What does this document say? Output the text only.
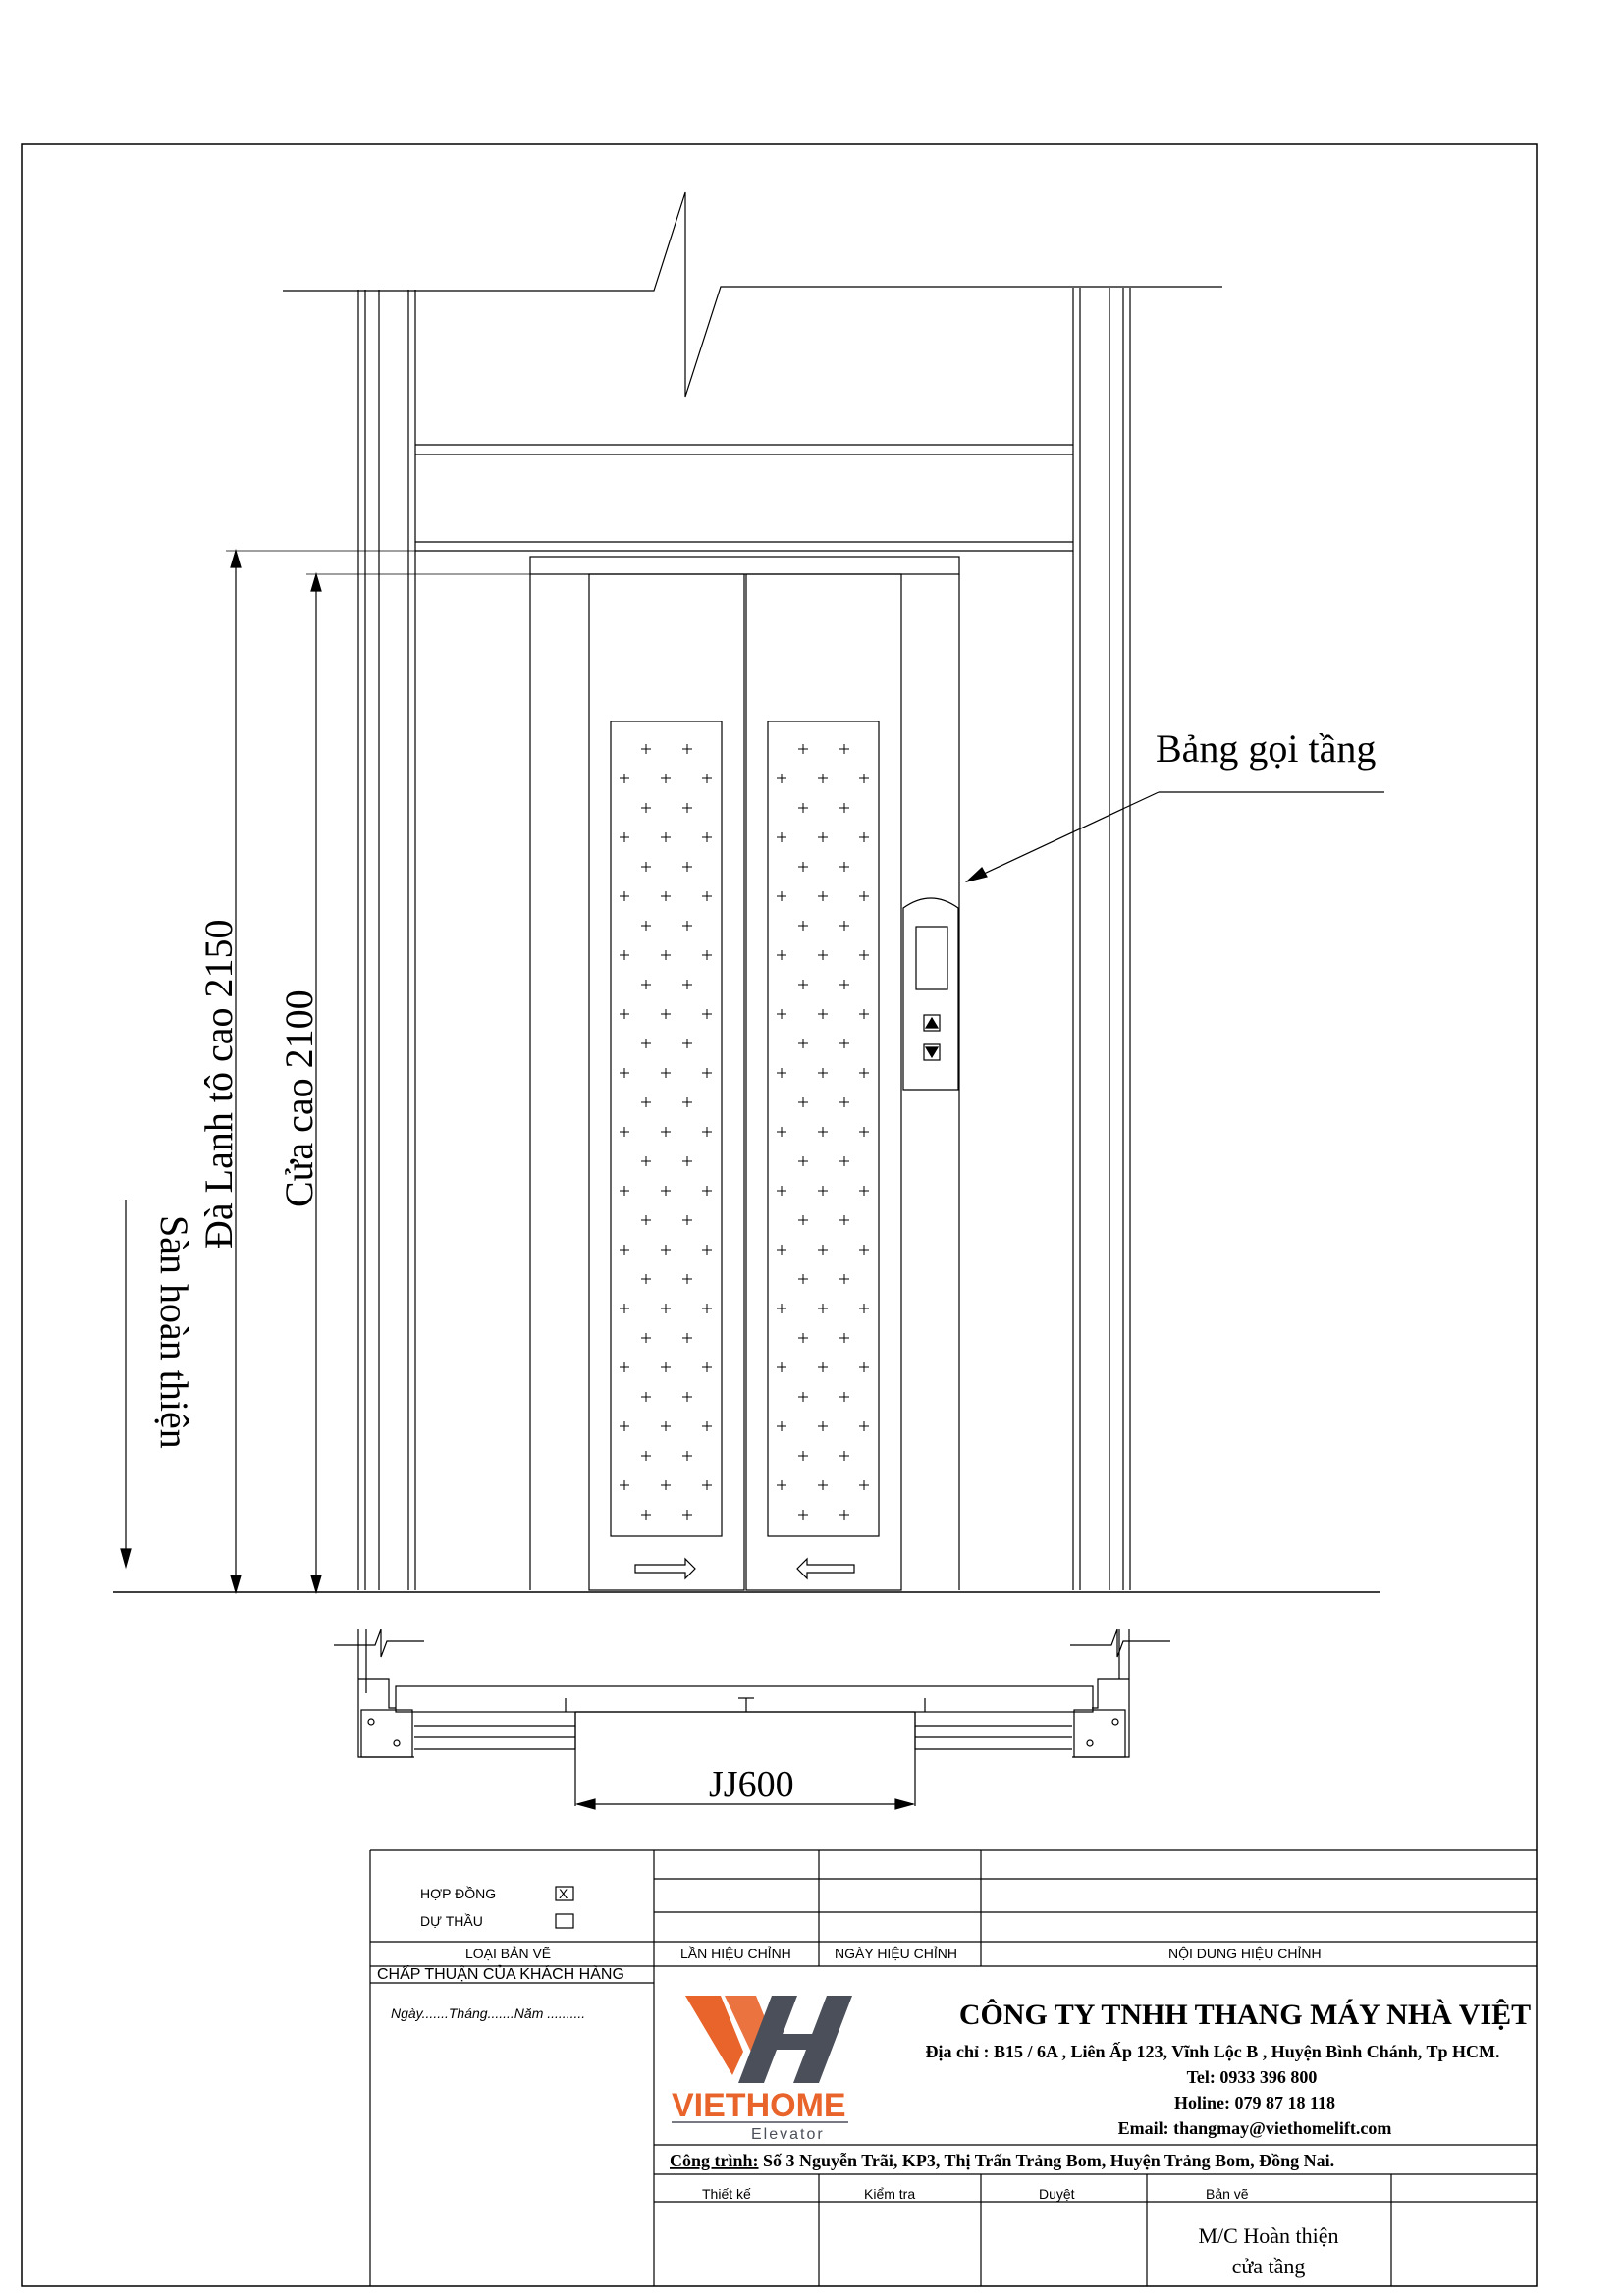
Bảng gọi tầng
Đà Lanh tô cao 2150 Cửa cao 2100
Sàn hoàn thiện
JJ600
HỢP ĐỒNG	X
DỰ THẦU
LOẠI BẢN VẼ	LẦN HIỆU CHỈNH	NGÀY HIỆU CHỈNH	NỘI DUNG HIỆU CHỈNH
CHẤP THUẬN CỦA KHÁCH HÀNG
Ngày.......Tháng.......Năm ..........
Thiết kế	Kiểm tra	Duyệt	Bản vẽ
VIETHOME
Elevator
CÔNG TY TNHH THANG MÁY NHÀ VIỆT
Địa chỉ : B15 / 6A , Liên Ấp 123, Vĩnh Lộc B , Huyện Bình Chánh, Tp HCM.
Tel: 0933 396 800
Holine: 079 87 18 118
Email: thangmay@viethomelift.com
Công trình: Số 3 Nguyễn Trãi, KP3, Thị Trấn Trảng Bom, Huyện Trảng Bom, Đồng Nai.
M/C Hoàn thiện
cửa tầng
